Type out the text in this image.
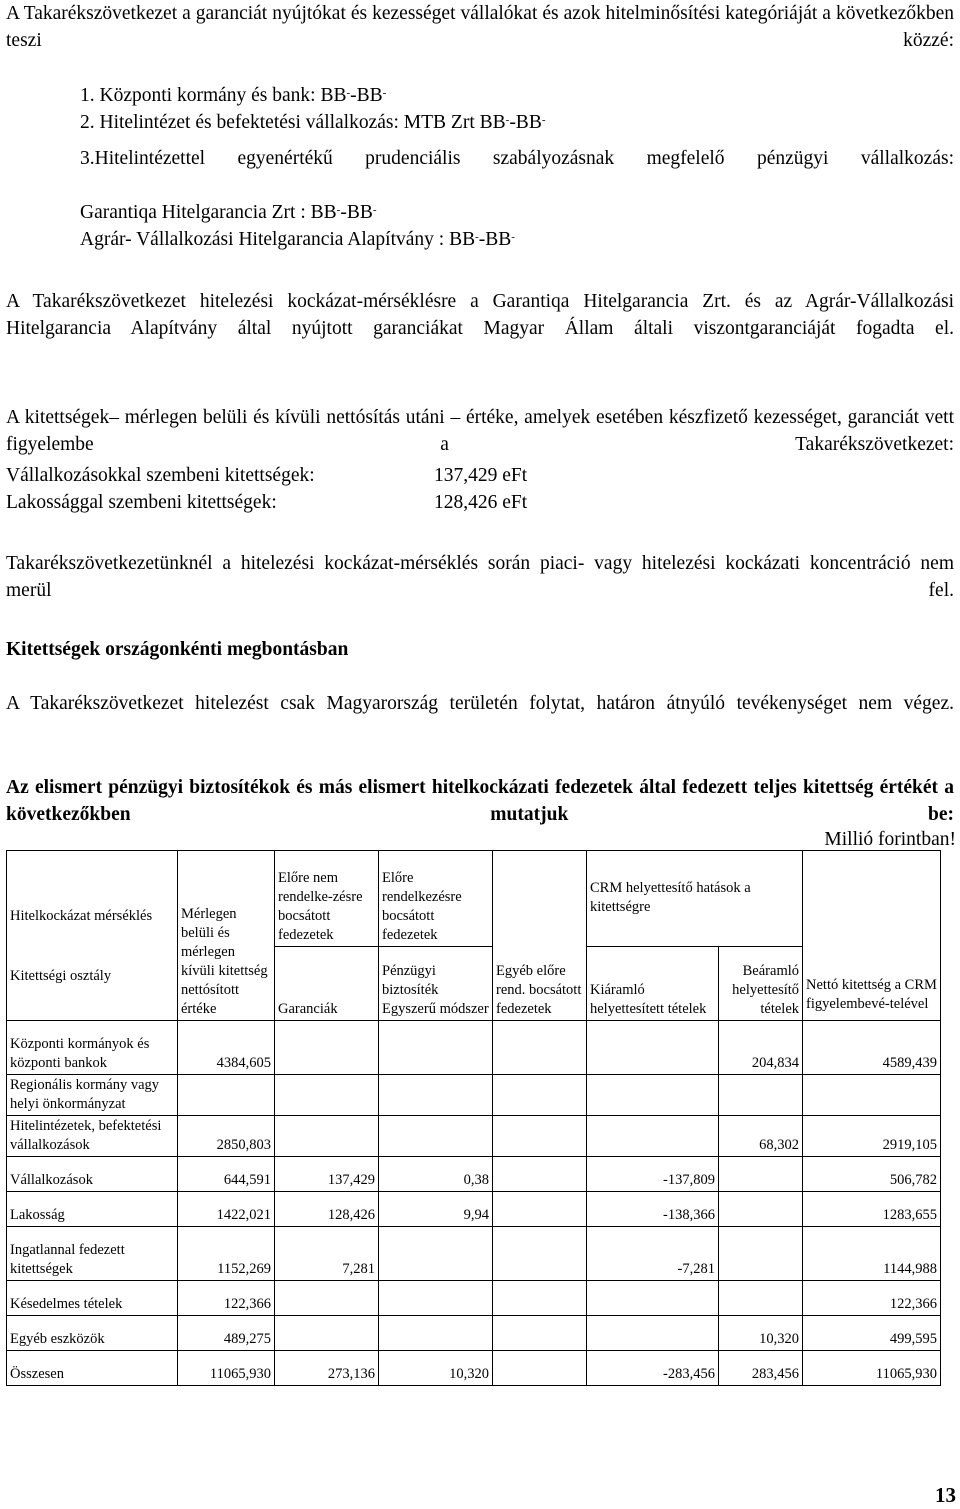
A Takarékszövetkezet a garanciát nyújtókat és kezességet vállalókat és azok hitelminősítési kategóriáját a következőkben teszi közzé:

1. Központi kormány és bank: BB--BB-
2. Hitelintézet és befektetési vállalkozás: MTB Zrt BB--BB-

3.Hitelintézettel egyenértékű prudenciális szabályozásnak megfelelő pénzügyi vállalkozás:

Garantiqa Hitelgarancia Zrt : BB--BB-
Agrár- Vállalkozási Hitelgarancia Alapítvány : BB--BB-

A Takarékszövetkezet hitelezési kockázat-mérséklésre a Garantiqa Hitelgarancia Zrt. és az Agrár-Vállalkozási Hitelgarancia Alapítvány által nyújtott garanciákat Magyar Állam általi viszontgaranciáját fogadta el.

A kitettségek– mérlegen belüli és kívüli nettósítás utáni – értéke, amelyek esetében készfizető kezességet, garanciát vett figyelembe a Takarékszövetkezet:

Vállalkozásokkal szembeni kitettségek:	137,429 eFt
Lakossággal szembeni kitettségek:	128,426 eFt

Takarékszövetkezetünknél a hitelezési kockázat-mérséklés során piaci- vagy hitelezési kockázati koncentráció nem merül fel.

Kitettségek országonkénti megbontásban

A Takarékszövetkezet hitelezést csak Magyarország területén folytat, határon átnyúló tevékenységet nem végez.

Az elismert pénzügyi biztosítékok és más elismert hitelkockázati fedezetek által fedezett teljes kitettség értékét a következőkben mutatjuk be:

Millió forintban!

Hitelkockázat mérséklés
Kitettségi osztály	Mérlegen belüli és mérlegen kívüli kitettség nettósított értéke	Előre nem rendelke-zésre bocsátott fedezetek	Előre rendelkezésre bocsátott fedezetek	Egyéb előre rend. bocsátott fedezetek	CRM helyettesítő hatások a kitettségre		Nettó kitettség a CRM figyelembevé-telével
		Garanciák	Pénzügyi biztosíték Egyszerű módszer		Kiáramló helyettesített tételek	Beáramló helyettesítő tételek	
Központi kormányok és központi bankok	4384,605					204,834	4589,439
Regionális kormány vagy helyi önkormányzat							
Hitelintézetek, befektetési vállalkozások	2850,803					68,302	2919,105
Vállalkozások	644,591	137,429	0,38		-137,809		506,782
Lakosság	1422,021	128,426	9,94		-138,366		1283,655
Ingatlannal fedezett kitettségek	1152,269	7,281			-7,281		1144,988
Késedelmes tételek	122,366						122,366
Egyéb eszközök	489,275					10,320	499,595
Összesen	11065,930	273,136	10,320		-283,456	283,456	11065,930
13
